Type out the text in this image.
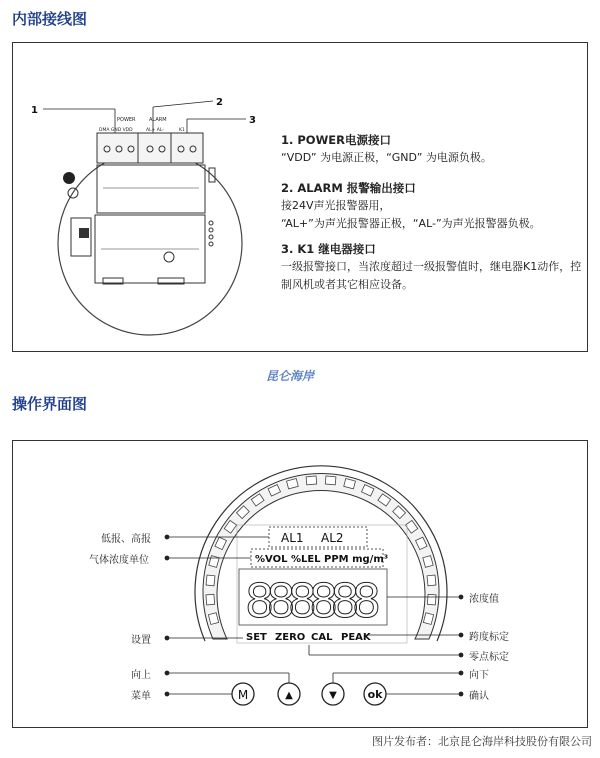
内部接线图
POWER	ALARM
DMA GND VDD	AL+ AL-	K1
1
2
3
1. POWER电源接口
“VDD” 为电源正极，“GND” 为电源负极。
2. ALARM 报警输出接口
接24V声光报警器用，
“AL+”为声光报警器正极，“AL-”为声光报警器负极。
3. K1 继电器接口
一级报警接口，当浓度超过一级报警值时，继电器K1动作，控
制风机或者其它相应设备。
昆仑海岸
操作界面图
AL1 AL2
%VOL %LEL PPM mg/m³
888888
SET ZERO CAL PEAK
M	▲	▼	ok
低报、高报
气体浓度单位
设置
向上
菜单
浓度值
跨度标定
零点标定
向下
确认
图片发布者：北京昆仑海岸科技股份有限公司
